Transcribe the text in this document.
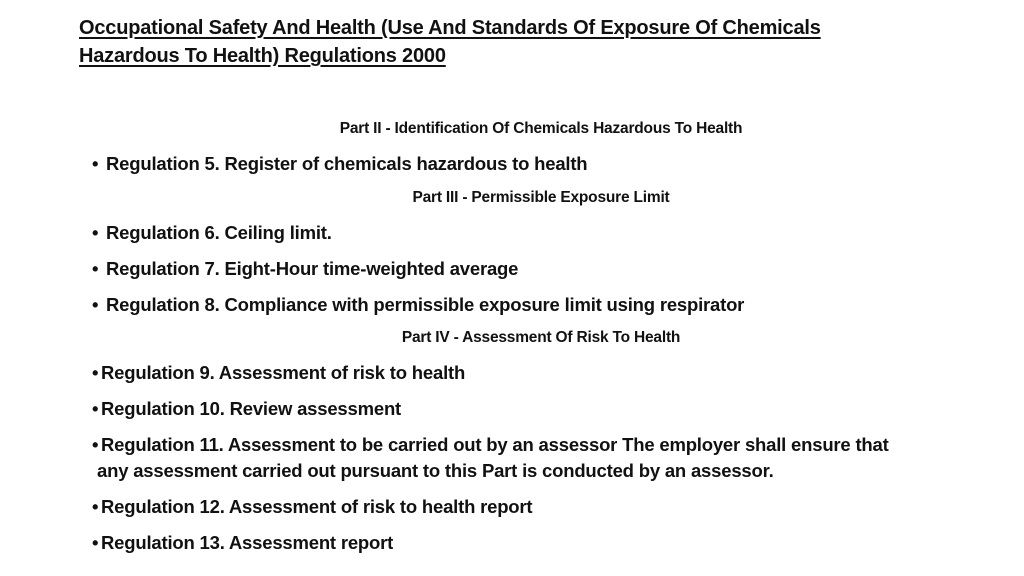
Occupational Safety And Health (Use And Standards Of Exposure Of Chemicals
Hazardous To Health) Regulations 2000
Part II - Identification Of Chemicals Hazardous To Health
• Regulation 5. Register of chemicals hazardous to health
Part III - Permissible Exposure Limit
• Regulation 6. Ceiling limit.
• Regulation 7. Eight-Hour time-weighted average
• Regulation 8. Compliance with permissible exposure limit using respirator
Part IV - Assessment Of Risk To Health
• Regulation 9. Assessment of risk to health
• Regulation 10. Review assessment
• Regulation 11. Assessment to be carried out by an assessor The employer shall ensure that
any assessment carried out pursuant to this Part is conducted by an assessor.
• Regulation 12. Assessment of risk to health report
• Regulation 13. Assessment report
